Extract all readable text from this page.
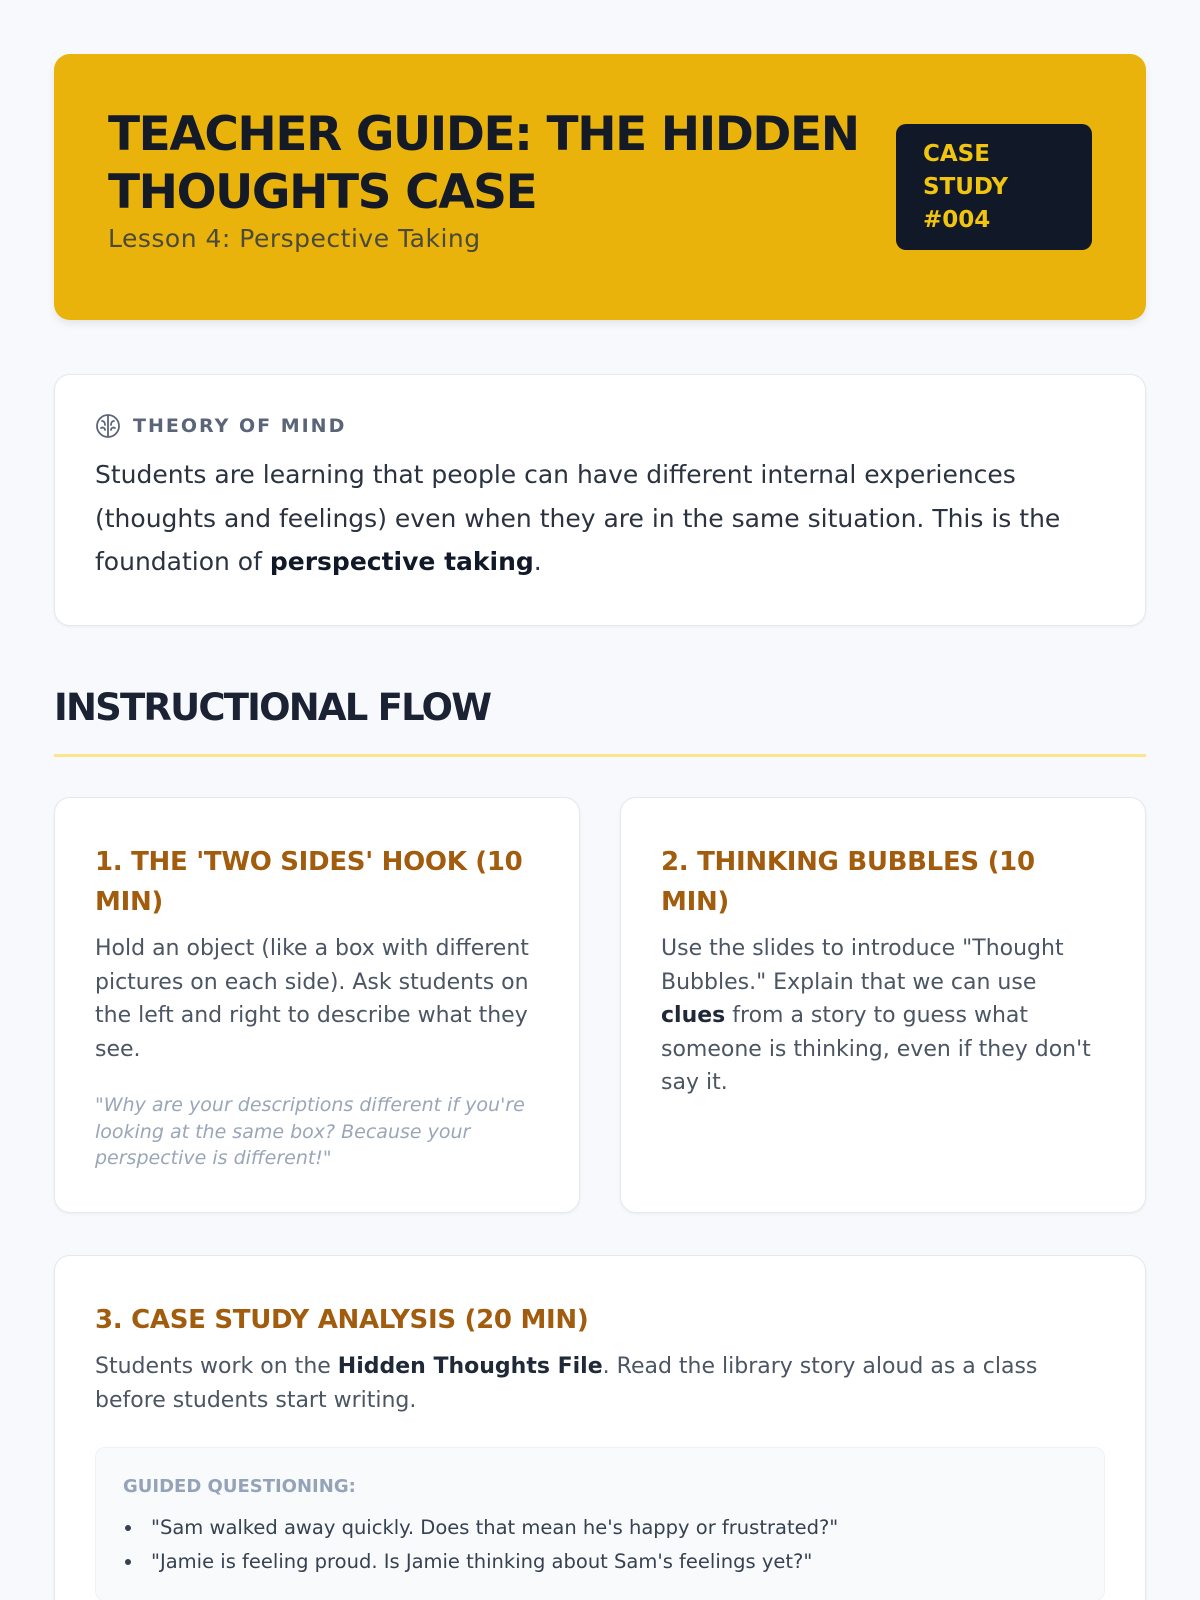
TEACHER GUIDE: THE HIDDEN THOUGHTS CASE
Lesson 4: Perspective Taking
CASE
STUDY
#004
THEORY OF MIND

Students are learning that people can have different internal experiences (thoughts and feelings) even when they are in the same situation. This is the foundation of perspective taking.

INSTRUCTIONAL FLOW
1. THE 'TWO SIDES' HOOK (10 MIN)

Hold an object (like a box with different pictures on each side). Ask students on the left and right to describe what they see.

"Why are your descriptions different if you're looking at the same box? Because your perspective is different!"

2. THINKING BUBBLES (10 MIN)

Use the slides to introduce "Thought Bubbles." Explain that we can use clues from a story to guess what someone is thinking, even if they don't say it.

3. CASE STUDY ANALYSIS (20 MIN)

Students work on the Hidden Thoughts File. Read the library story aloud as a class before students start writing.

GUIDED QUESTIONING:
"Sam walked away quickly. Does that mean he's happy or frustrated?"
"Jamie is feeling proud. Is Jamie thinking about Sam's feelings yet?"
